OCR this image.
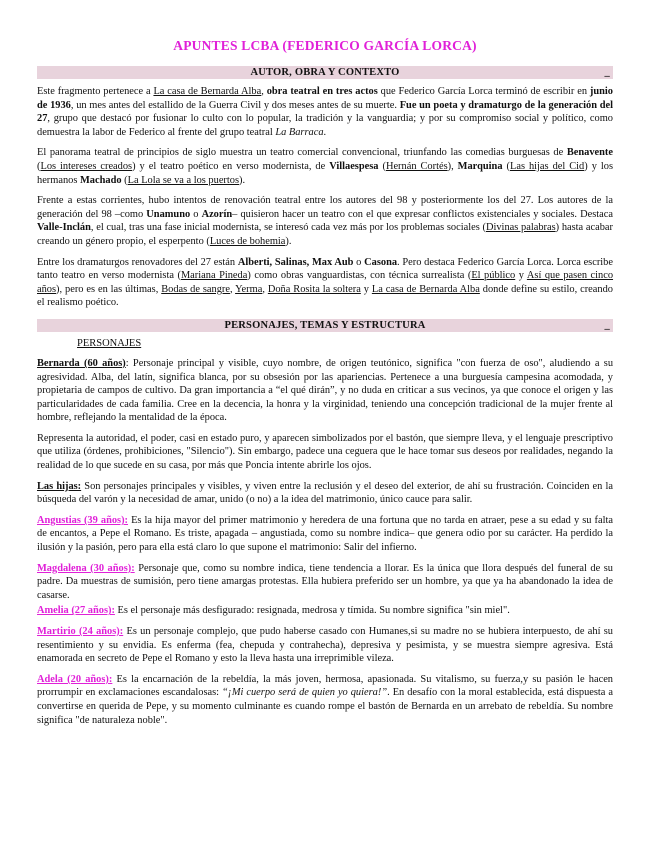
APUNTES LCBA (FEDERICO GARCÍA LORCA)
AUTOR, OBRA Y CONTEXTO	_

Este fragmento pertenece a La casa de Bernarda Alba, obra teatral en tres actos que Federico García Lorca terminó de escribir en junio de 1936, un mes antes del estallido de la Guerra Civil y dos meses antes de su muerte. Fue un poeta y dramaturgo de la generación del 27, grupo que destacó por fusionar lo culto con lo popular, la tradición y la vanguardia; y por su compromiso social y político, como demuestra la labor de Federico al frente del grupo teatral La Barraca.

El panorama teatral de principios de siglo muestra un teatro comercial convencional, triunfando las comedias burguesas de Benavente (Los intereses creados) y el teatro poético en verso modernista, de Villaespesa (Hernán Cortés), Marquina (Las hijas del Cid) y los hermanos Machado (La Lola se va a los puertos).

Frente a estas corrientes, hubo intentos de renovación teatral entre los autores del 98 y posteriormente los del 27. Los autores de la generación del 98 –como Unamuno o Azorín– quisieron hacer un teatro con el que expresar conflictos existenciales y sociales. Destaca Valle-Inclán, el cual, tras una fase inicial modernista, se interesó cada vez más por los problemas sociales (Divinas palabras) hasta acabar creando un género propio, el esperpento (Luces de bohemia).

Entre los dramaturgos renovadores del 27 están Alberti, Salinas, Max Aub o Casona. Pero destaca Federico García Lorca. Lorca escribe tanto teatro en verso modernista (Mariana Pineda) como obras vanguardistas, con técnica surrealista (El público y Así que pasen cinco años), pero es en las últimas, Bodas de sangre, Yerma, Doña Rosita la soltera y La casa de Bernarda Alba donde define su estilo, creando el realismo poético.

PERSONAJES, TEMAS Y ESTRUCTURA	_
PERSONAJES

Bernarda (60 años): Personaje principal y visible, cuyo nombre, de origen teutónico, significa "con fuerza de oso", aludiendo a su agresividad. Alba, del latín, significa blanca, por su obsesión por las apariencias. Pertenece a una burguesía campesina acomodada, y propietaria de campos de cultivo. Da gran importancia a “el qué dirán”, y no duda en criticar a sus vecinos, ya que conoce el origen y las particularidades de cada familia. Cree en la decencia, la honra y la virginidad, teniendo una concepción tradicional de la mujer frente al hombre, reflejando la mentalidad de la época.

Representa la autoridad, el poder, casi en estado puro, y aparecen simbolizados por el bastón, que siempre lleva, y el lenguaje prescriptivo que utiliza (órdenes, prohibiciones, "Silencio"). Sin embargo, padece una ceguera que le hace tomar sus deseos por realidades, negando la realidad de lo que sucede en su casa, por más que Poncia intente abrirle los ojos.

Las hijas: Son personajes principales y visibles, y viven entre la reclusión y el deseo del exterior, de ahí su frustración. Coinciden en la búsqueda del varón y la necesidad de amar, unido (o no) a la idea del matrimonio, único cauce para salir.

Angustias (39 años): Es la hija mayor del primer matrimonio y heredera de una fortuna que no tarda en atraer, pese a su edad y su falta de encantos, a Pepe el Romano. Es triste, apagada – angustiada, como su nombre indica– que genera odio por su carácter. Ha perdido la ilusión y la pasión, pero para ella está claro lo que supone el matrimonio: Salir del infierno.

Magdalena (30 años): Personaje que, como su nombre indica, tiene tendencia a llorar. Es la única que llora después del funeral de su padre. Da muestras de sumisión, pero tiene amargas protestas. Ella hubiera preferido ser un hombre, ya que ya ha abandonado la idea de casarse.

Amelia (27 años): Es el personaje más desfigurado: resignada, medrosa y tímida. Su nombre significa "sin miel".

Martirio (24 años): Es un personaje complejo, que pudo haberse casado con Humanes,si su madre no se hubiera interpuesto, de ahí su resentimiento y su envidia. Es enferma (fea, chepuda y contrahecha), depresiva y pesimista, y se muestra siempre agresiva. Está enamorada en secreto de Pepe el Romano y esto la lleva hasta una irreprimible vileza.

Adela (20 años): Es la encarnación de la rebeldía, la más joven, hermosa, apasionada. Su vitalismo, su fuerza,y su pasión le hacen prorrumpir en exclamaciones escandalosas: “¡Mi cuerpo será de quien yo quiera!”. En desafío con la moral establecida, está dispuesta a convertirse en querida de Pepe, y su momento culminante es cuando rompe el bastón de Bernarda en un arrebato de rebeldía. Su nombre significa "de naturaleza noble".
